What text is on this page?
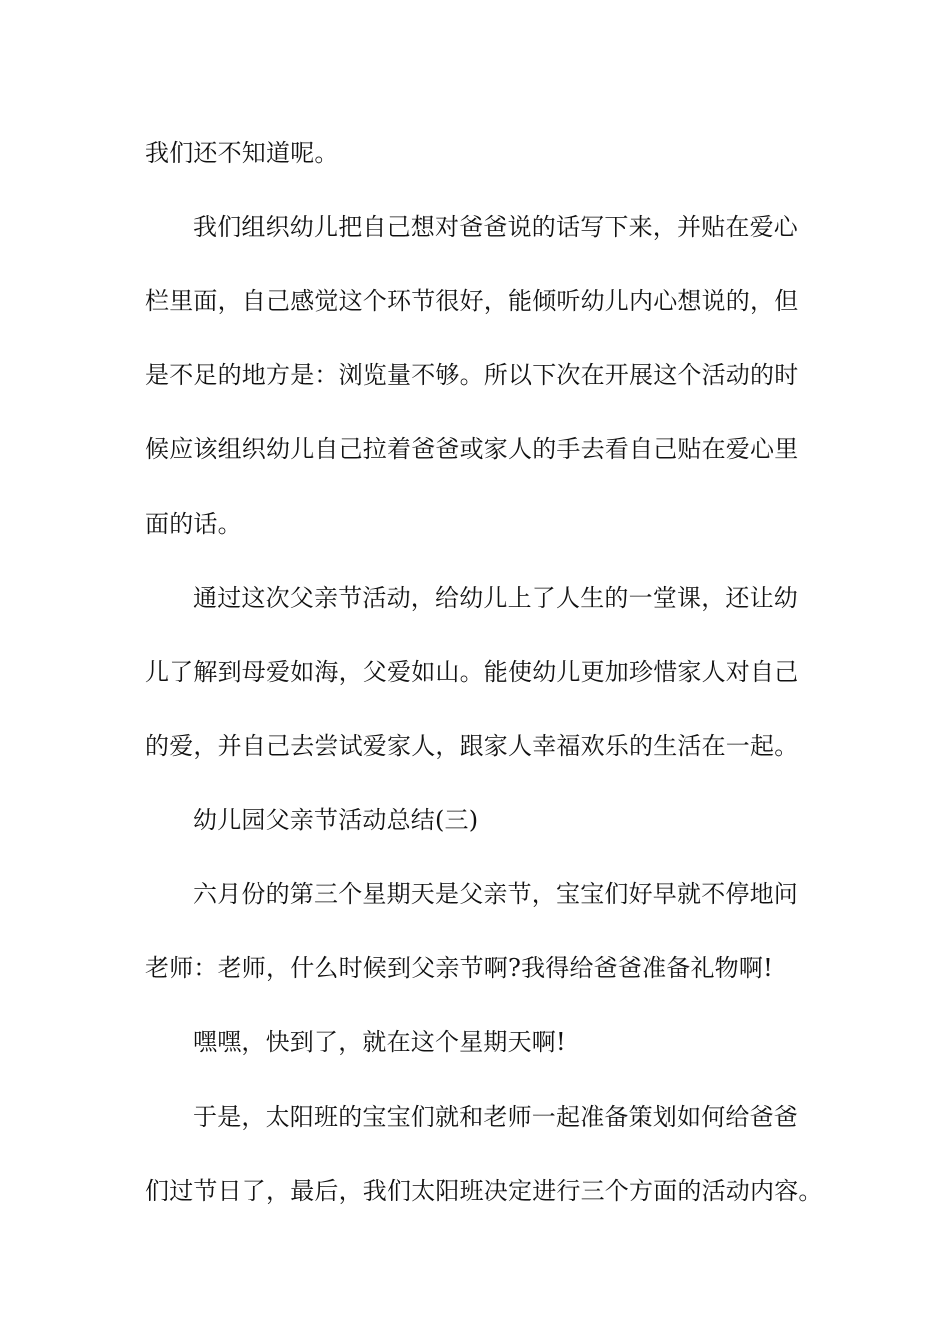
我们还不知道呢。
我们组织幼儿把自己想对爸爸说的话写下来，并贴在爱心
栏里面，自己感觉这个环节很好，能倾听幼儿内心想说的，但
是不足的地方是：浏览量不够。所以下次在开展这个活动的时
候应该组织幼儿自己拉着爸爸或家人的手去看自己贴在爱心里
面的话。
通过这次父亲节活动，给幼儿上了人生的一堂课，还让幼
儿了解到母爱如海，父爱如山。能使幼儿更加珍惜家人对自己
的爱，并自己去尝试爱家人，跟家人幸福欢乐的生活在一起。
幼儿园父亲节活动总结(三)
六月份的第三个星期天是父亲节，宝宝们好早就不停地问
老师：老师，什么时候到父亲节啊?我得给爸爸准备礼物啊!
嘿嘿，快到了，就在这个星期天啊!
于是，太阳班的宝宝们就和老师一起准备策划如何给爸爸
们过节日了，最后，我们太阳班决定进行三个方面的活动内容。
